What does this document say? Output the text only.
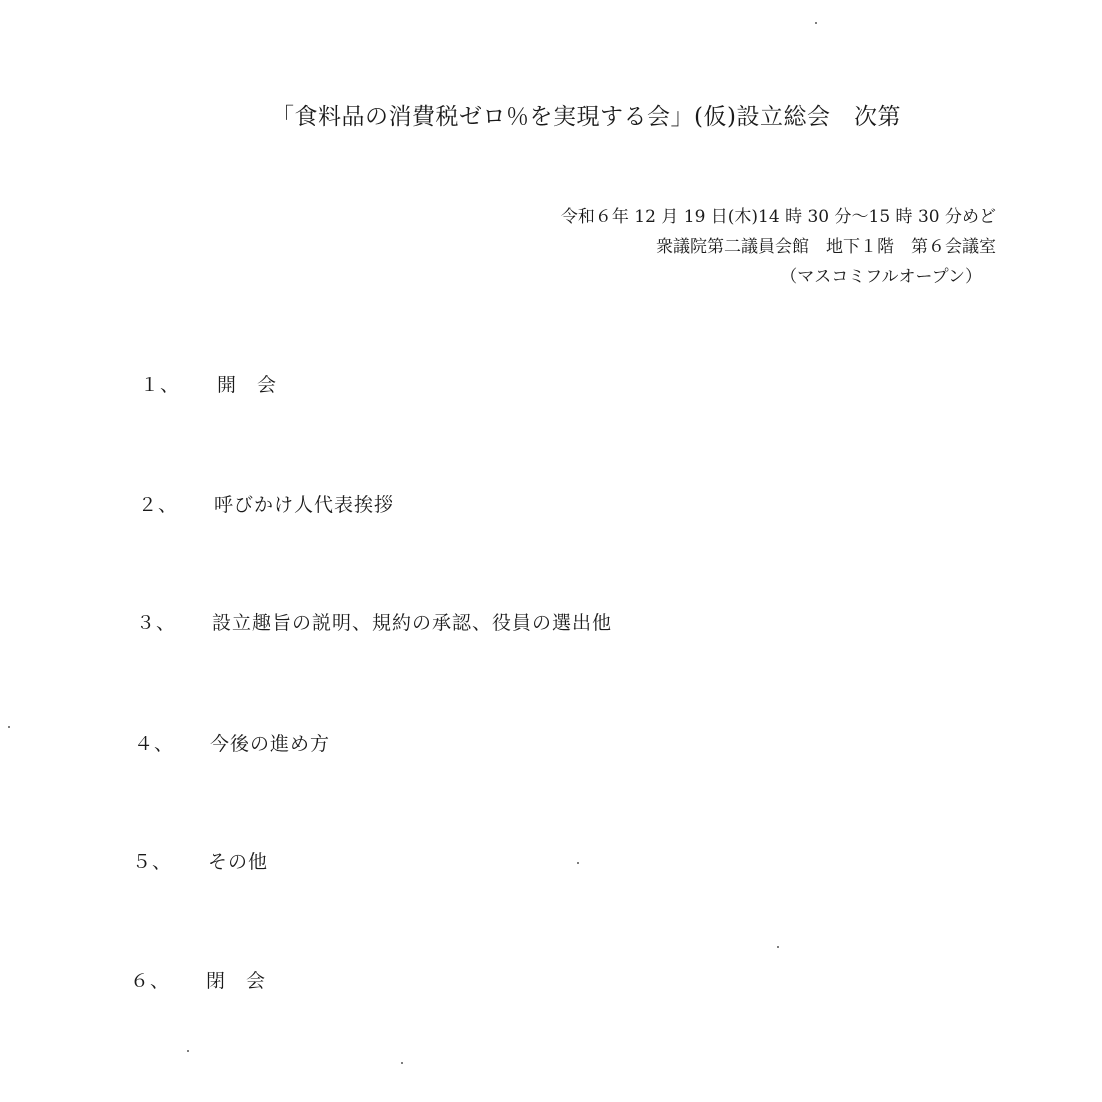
「食料品の消費税ゼロ％を実現する会」(仮)設立総会　次第
令和６年 12 月 19 日(木)14 時 30 分～15 時 30 分めど
衆議院第二議員会館　地下１階　第６会議室
（マスコミフルオープン）
１、 開　会
２、 呼びかけ人代表挨拶
３、 設立趣旨の説明、規約の承認、役員の選出他
４、 今後の進め方
５、 その他
６、 閉　会
